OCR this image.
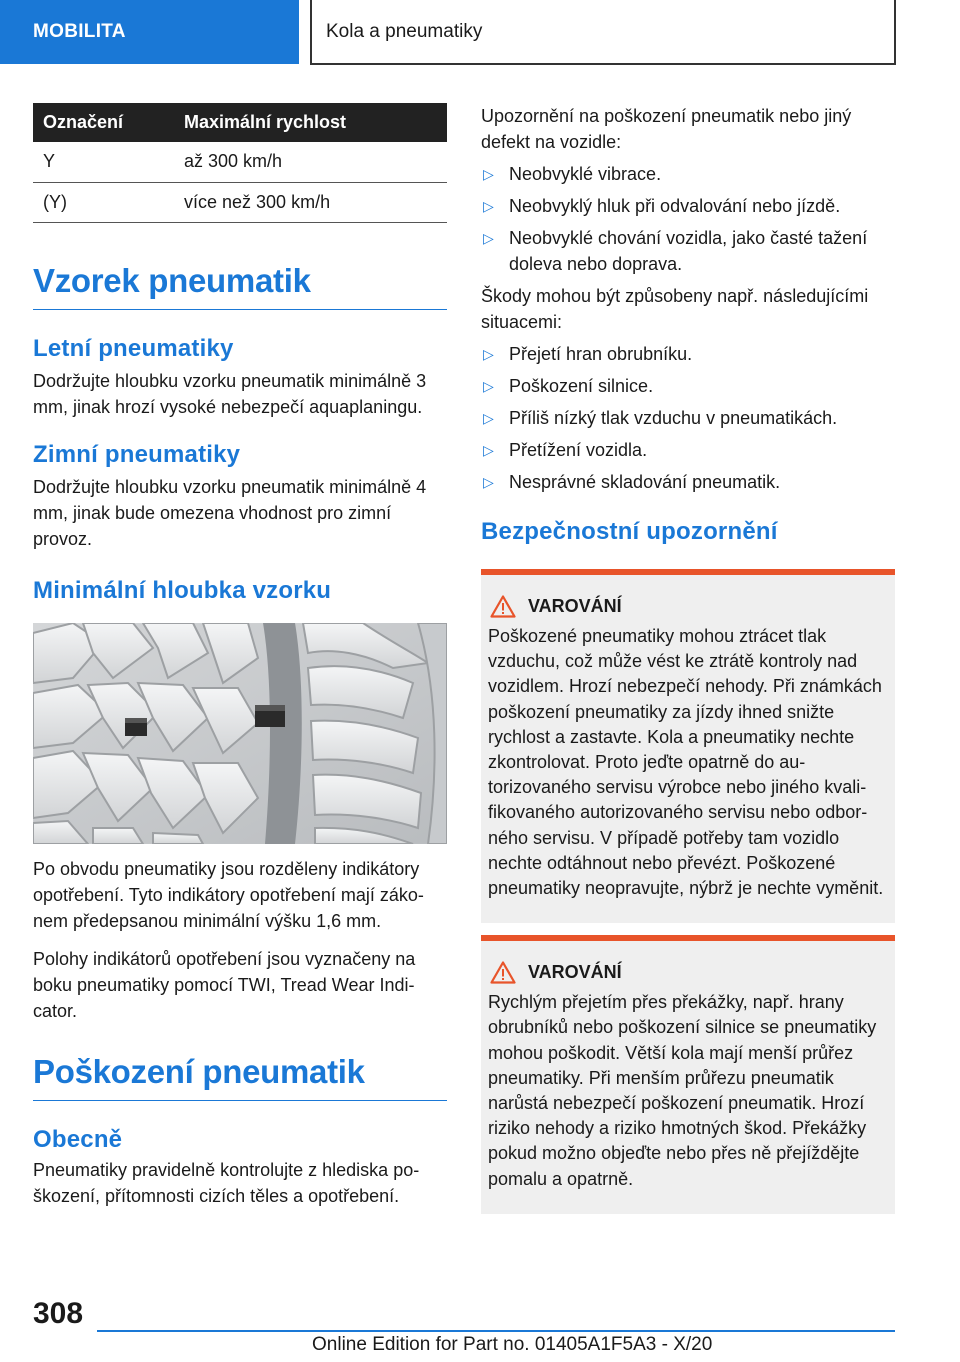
MOBILITA	Kola a pneumatiky
Označení	Maximální rychlost
Y	až 300 km/h
(Y)	více než 300 km/h
Vzorek pneumatik
Letní pneumatiky

Dodržujte hloubku vzorku pneumatik minimálně 3 mm, jinak hrozí vysoké nebezpečí aquaplaningu.

Zimní pneumatiky

Dodržujte hloubku vzorku pneumatik minimálně 4 mm, jinak bude omezena vhodnost pro zimní provoz.

Minimální hloubka vzorku

Po obvodu pneumatiky jsou rozděleny indikátory opotřebení. Tyto indikátory opotřebení mají zákonem předepsanou minimální výšku 1,6 mm.

Polohy indikátorů opotřebení jsou vyznačeny na boku pneumatiky pomocí TWI, Tread Wear Indicator.

Poškození pneumatik
Obecně

Pneumatiky pravidelně kontrolujte z hlediska poškození, přítomnosti cizích těles a opotřebení.

Upozornění na poškození pneumatik nebo jiný defekt na vozidle:

▷ Neobvyklé vibrace.
▷ Neobvyklý hluk při odvalování nebo jízdě.
▷ Neobvyklé chování vozidla, jako časté tažení doleva nebo doprava.

Škody mohou být způsobeny např. následujícími situacemi:

▷ Přejetí hran obrubníku.
▷ Poškození silnice.
▷ Příliš nízký tlak vzduchu v pneumatikách.
▷ Přetížení vozidla.
▷ Nesprávné skladování pneumatik.
Bezpečnostní upozornění
VAROVÁNÍ

Poškozené pneumatiky mohou ztrácet tlak vzduchu, což může vést ke ztrátě kontroly nad vozidlem. Hrozí nebezpečí nehody. Při známkách poškození pneumatiky za jízdy ihned snižte rychlost a zastavte. Kola a pneumatiky nechte zkontrolovat. Proto jeďte opatrně do autorizovaného servisu výrobce nebo jiného kvalifikovaného autorizovaného servisu nebo odborného servisu. V případě potřeby tam vozidlo nechte odtáhnout nebo převézt. Poškozené pneumatiky neopravujte, nýbrž je nechte vyměnit.

VAROVÁNÍ

Rychlým přejetím přes překážky, např. hrany obrubníků nebo poškození silnice se pneumatiky mohou poškodit. Větší kola mají menší průřez pneumatiky. Při menším průřezu pneumatik narůstá nebezpečí poškození pneumatik. Hrozí riziko nehody a riziko hmotných škod. Překážky pokud možno objeďte nebo přes ně přejíždějte pomalu a opatrně.

308
Online Edition for Part no. 01405A1F5A3 - X/20
